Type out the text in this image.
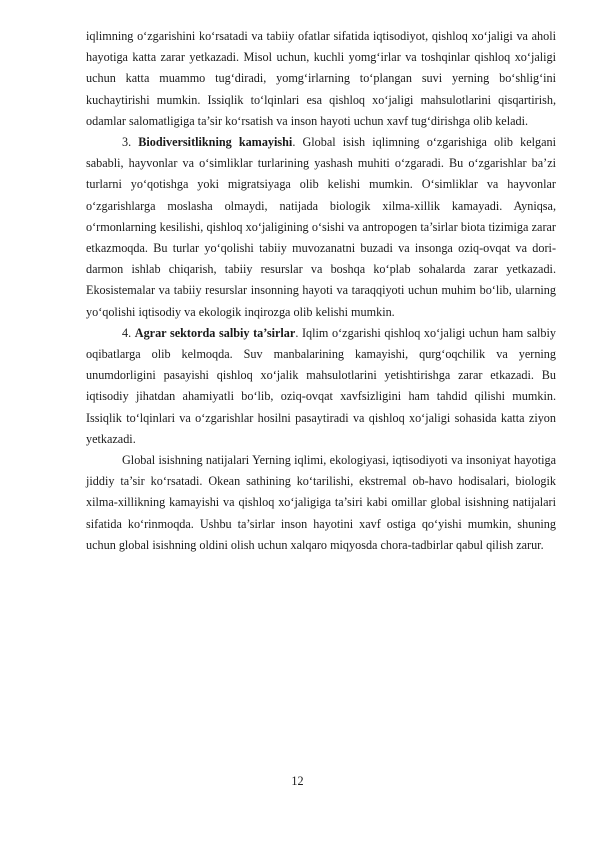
iqlimning o‘zgarishini ko‘rsatadi va tabiiy ofatlar sifatida iqtisodiyot, qishloq xo‘jaligi va aholi hayotiga katta zarar yetkazadi. Misol uchun, kuchli yomg‘irlar va toshqinlar qishloq xo‘jaligi uchun katta muammo tug‘diradi, yomg‘irlarning to‘plangan suvi yerning bo‘shlig‘ini kuchaytirishi mumkin. Issiqlik to‘lqinlari esa qishloq xo‘jaligi mahsulotlarini qisqartirish, odamlar salomatligiga ta’sir ko‘rsatish va inson hayoti uchun xavf tug‘dirishga olib keladi.

3. Biodiversitlikning kamayishi. Global isish iqlimning o‘zgarishiga olib kelgani sababli, hayvonlar va o‘simliklar turlarining yashash muhiti o‘zgaradi. Bu o‘zgarishlar ba’zi turlarni yo‘qotishga yoki migratsiyaga olib kelishi mumkin. O‘simliklar va hayvonlar o‘zgarishlarga moslasha olmaydi, natijada biologik xilma-xillik kamayadi. Ayniqsa, o‘rmonlarning kesilishi, qishloq xo‘jaligining o‘sishi va antropogen ta’sirlar biota tizimiga zarar etkazmoqda. Bu turlar yo‘qolishi tabiiy muvozanatni buzadi va insonga oziq-ovqat va dori-darmon ishlab chiqarish, tabiiy resurslar va boshqa ko‘plab sohalarda zarar yetkazadi. Ekosistemalar va tabiiy resurslar insonning hayoti va taraqqiyoti uchun muhim bo‘lib, ularning yo‘qolishi iqtisodiy va ekologik inqirozga olib kelishi mumkin.

4. Agrar sektorda salbiy ta’sirlar. Iqlim o‘zgarishi qishloq xo‘jaligi uchun ham salbiy oqibatlarga olib kelmoqda. Suv manbalarining kamayishi, qurg‘oqchilik va yerning unumdorligini pasayishi qishloq xo‘jalik mahsulotlarini yetishtirishga zarar etkazadi. Bu iqtisodiy jihatdan ahamiyatli bo‘lib, oziq-ovqat xavfsizligini ham tahdid qilishi mumkin. Issiqlik to‘lqinlari va o‘zgarishlar hosilni pasaytiradi va qishloq xo‘jaligi sohasida katta ziyon yetkazadi.

Global isishning natijalari Yerning iqlimi, ekologiyasi, iqtisodiyoti va insoniyat hayotiga jiddiy ta’sir ko‘rsatadi. Okean sathining ko‘tarilishi, ekstremal ob-havo hodisalari, biologik xilma-xillikning kamayishi va qishloq xo‘jaligiga ta’siri kabi omillar global isishning natijalari sifatida ko‘rinmoqda. Ushbu ta’sirlar inson hayotini xavf ostiga qo‘yishi mumkin, shuning uchun global isishning oldini olish uchun xalqaro miqyosda chora-tadbirlar qabul qilish zarur.

12
